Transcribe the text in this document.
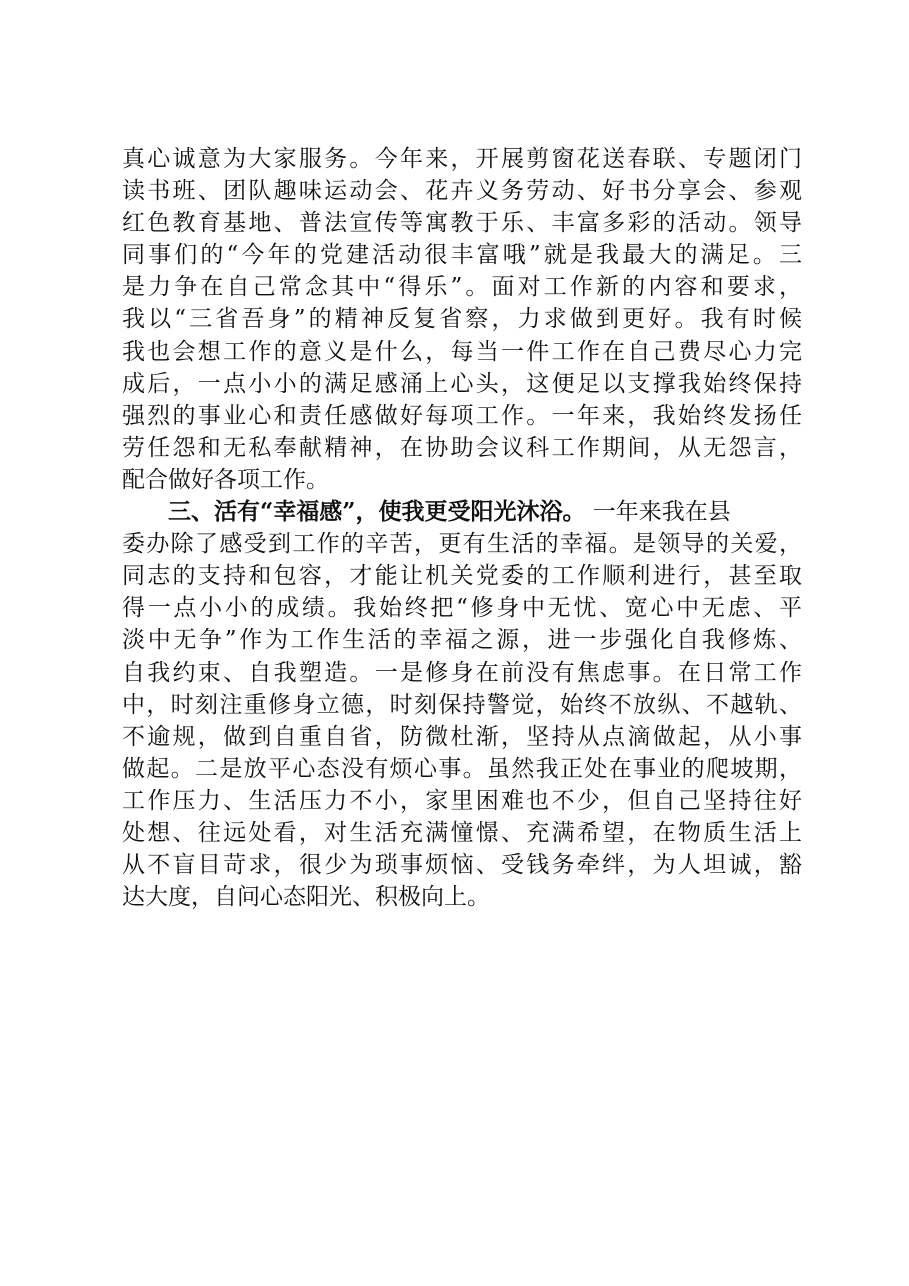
真心诚意为大家服务。今年来，开展剪窗花送春联、专题闭门
读书班、团队趣味运动会、花卉义务劳动、好书分享会、参观
红色教育基地、普法宣传等寓教于乐、丰富多彩的活动。领导
同事们的“今年的党建活动很丰富哦”就是我最大的满足。三
是力争在自己常念其中“得乐”。面对工作新的内容和要求，
我以“三省吾身”的精神反复省察，力求做到更好。我有时候
我也会想工作的意义是什么，每当一件工作在自己费尽心力完
成后，一点小小的满足感涌上心头，这便足以支撑我始终保持
强烈的事业心和责任感做好每项工作。一年来，我始终发扬任
劳任怨和无私奉献精神，在协助会议科工作期间，从无怨言，
配合做好各项工作。
三、活有“幸福感”，使我更受阳光沐浴。 一年来我在县
委办除了感受到工作的辛苦，更有生活的幸福。是领导的关爱，
同志的支持和包容，才能让机关党委的工作顺利进行，甚至取
得一点小小的成绩。我始终把“修身中无忧、宽心中无虑、平
淡中无争”作为工作生活的幸福之源，进一步强化自我修炼、
自我约束、自我塑造。一是修身在前没有焦虑事。在日常工作
中，时刻注重修身立德，时刻保持警觉，始终不放纵、不越轨、
不逾规，做到自重自省，防微杜渐，坚持从点滴做起，从小事
做起。二是放平心态没有烦心事。虽然我正处在事业的爬坡期，
工作压力、生活压力不小，家里困难也不少，但自己坚持往好
处想、往远处看，对生活充满憧憬、充满希望，在物质生活上
从不盲目苛求，很少为琐事烦恼、受钱务牵绊，为人坦诚，豁
达大度，自问心态阳光、积极向上。
